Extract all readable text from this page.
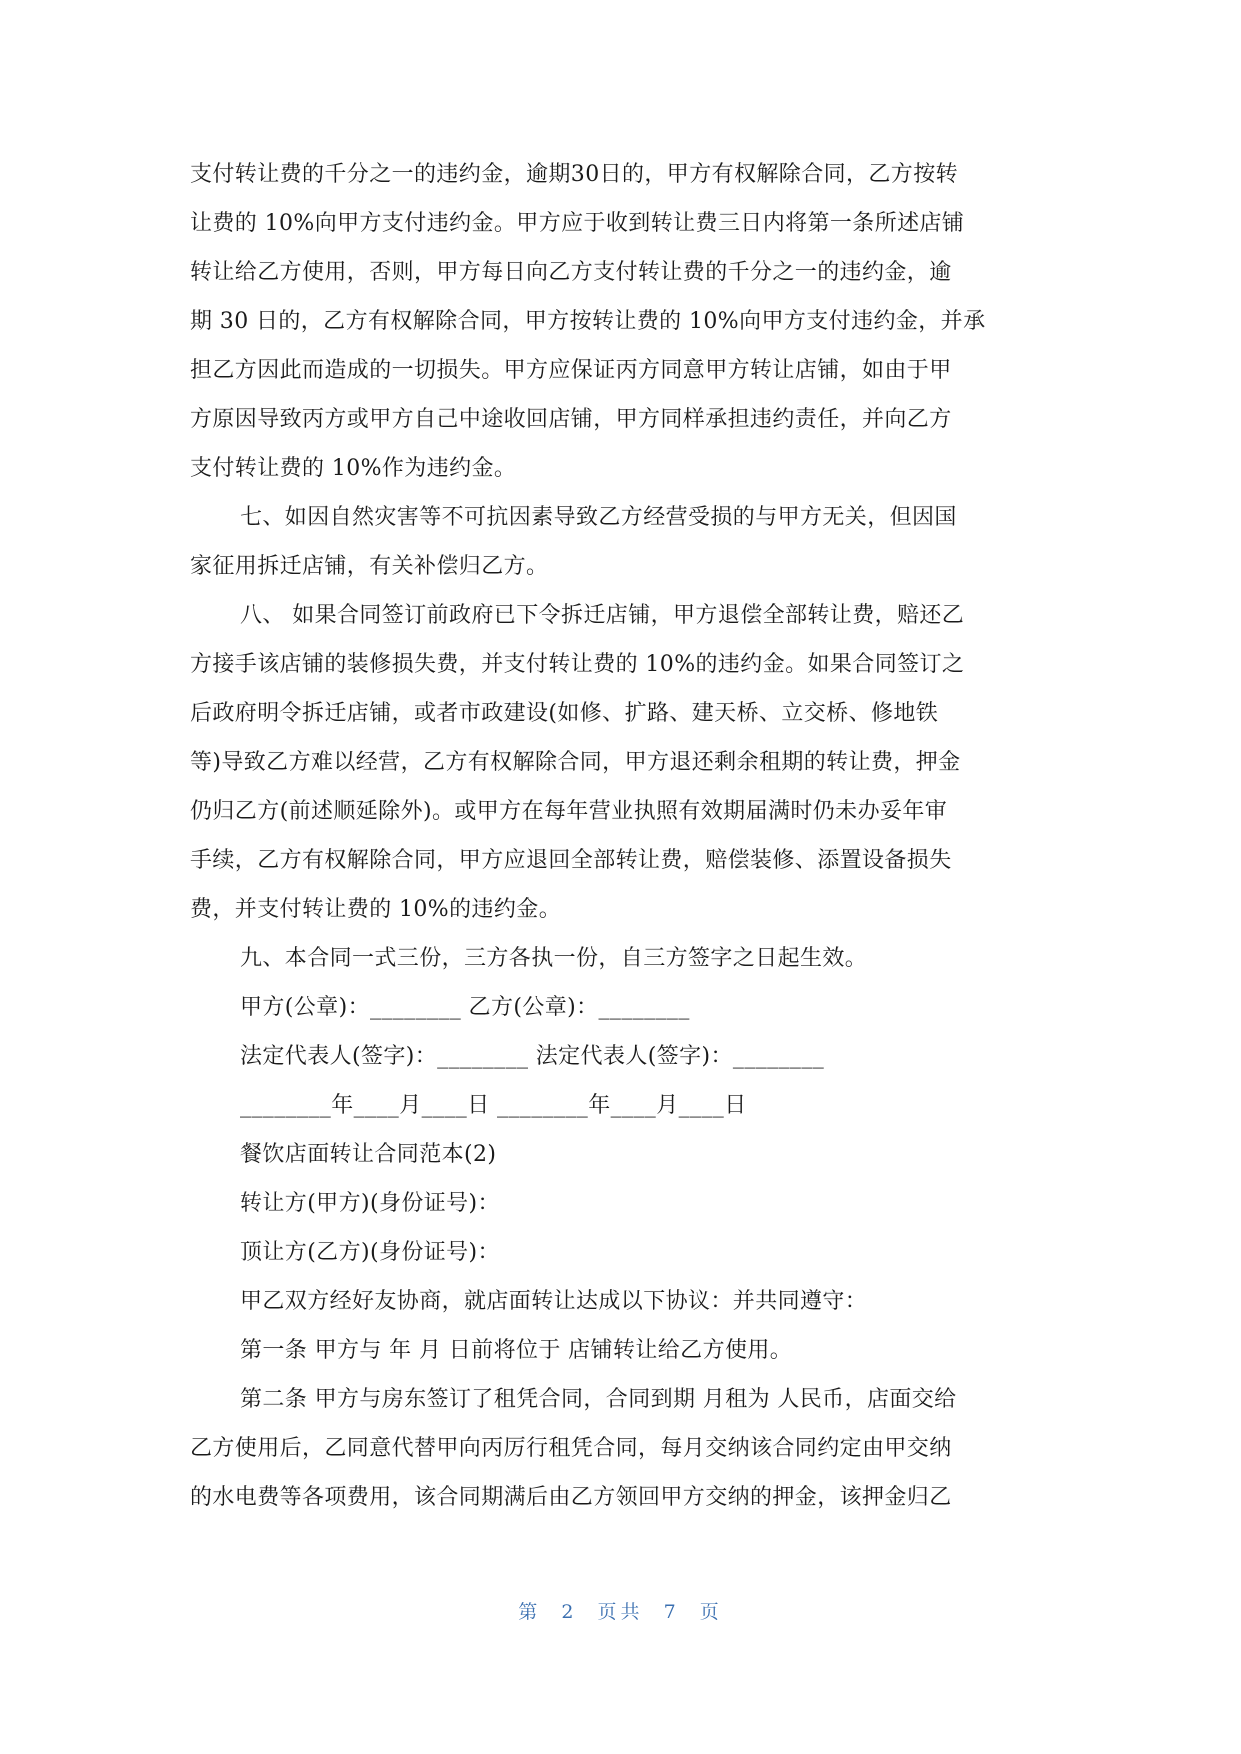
支付转让费的千分之一的违约金，逾期30日的，甲方有权解除合同，乙方按转
让费的 10%向甲方支付违约金。甲方应于收到转让费三日内将第一条所述店铺
转让给乙方使用，否则，甲方每日向乙方支付转让费的千分之一的违约金，逾
期 30 日的，乙方有权解除合同，甲方按转让费的 10%向甲方支付违约金，并承
担乙方因此而造成的一切损失。甲方应保证丙方同意甲方转让店铺，如由于甲
方原因导致丙方或甲方自己中途收回店铺，甲方同样承担违约责任，并向乙方
支付转让费的 10%作为违约金。
七、如因自然灾害等不可抗因素导致乙方经营受损的与甲方无关，但因国
家征用拆迁店铺，有关补偿归乙方。
八、 如果合同签订前政府已下令拆迁店铺，甲方退偿全部转让费，赔还乙
方接手该店铺的装修损失费，并支付转让费的 10%的违约金。如果合同签订之
后政府明令拆迁店铺，或者市政建设(如修、扩路、建天桥、立交桥、修地铁
等)导致乙方难以经营，乙方有权解除合同，甲方退还剩余租期的转让费，押金
仍归乙方(前述顺延除外)。或甲方在每年营业执照有效期届满时仍未办妥年审
手续，乙方有权解除合同，甲方应退回全部转让费，赔偿装修、添置设备损失
费，并支付转让费的 10%的违约金。
九、本合同一式三份，三方各执一份，自三方签字之日起生效。
甲方(公章)：________ 乙方(公章)：________
法定代表人(签字)：________ 法定代表人(签字)：________
________年____月____日 ________年____月____日
餐饮店面转让合同范本(2)
转让方(甲方)(身份证号)：
顶让方(乙方)(身份证号)：
甲乙双方经好友协商，就店面转让达成以下协议：并共同遵守：
第一条 甲方与 年 月 日前将位于 店铺转让给乙方使用。
第二条 甲方与房东签订了租凭合同，合同到期 月租为 人民币，店面交给
乙方使用后，乙同意代替甲向丙厉行租凭合同，每月交纳该合同约定由甲交纳
的水电费等各项费用，该合同期满后由乙方领回甲方交纳的押金，该押金归乙
第  2  页共  7  页
